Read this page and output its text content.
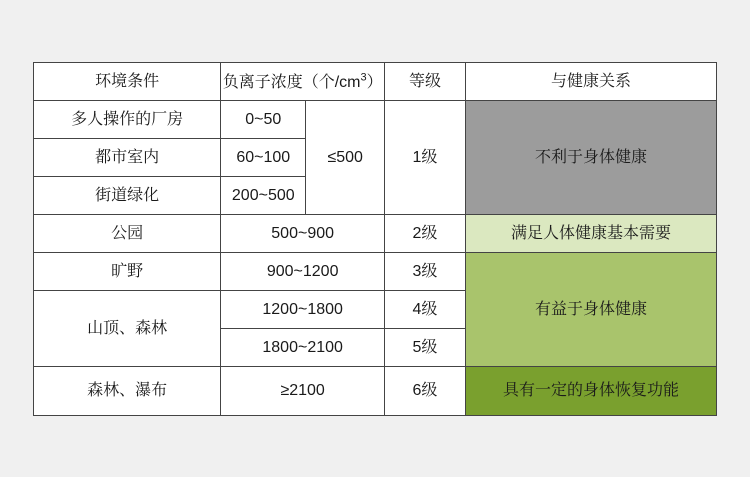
环境条件	负离子浓度（个$/cm^3$）		等级	与健康关系
多人操作的厂房	0~50	≤500	1级	不利于身体健康
都市室内	60~100			
街道绿化	200~500			
公园	500~900		2级	满足人体健康基本需要
旷野	900~1200		3级	有益于身体健康
山顶、森林	1200~1800		4级	
	1800~2100		5级	
森林、瀑布	≥2100		6级	具有一定的身体恢复功能
